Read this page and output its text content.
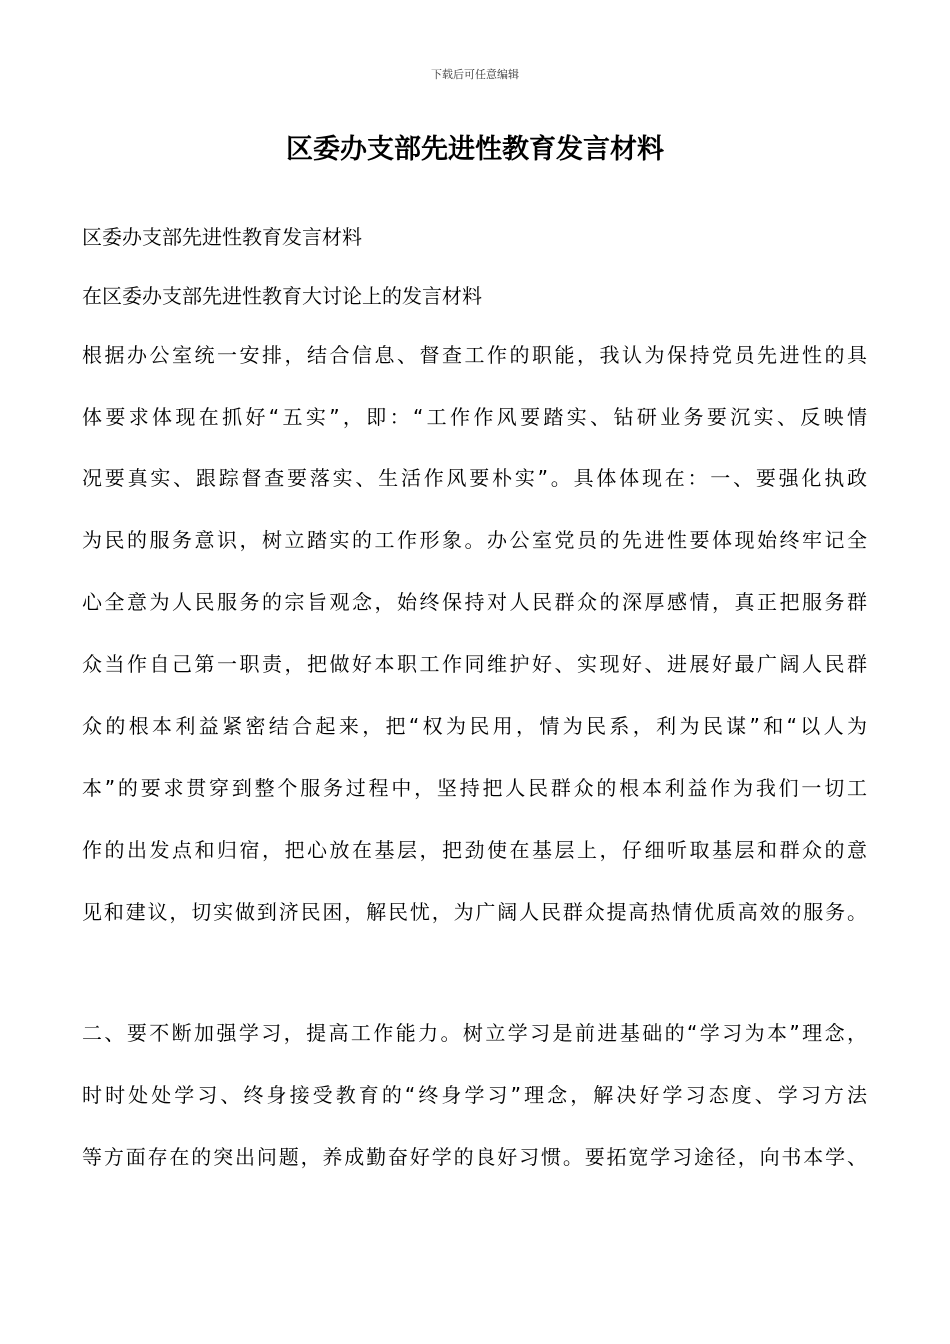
下载后可任意编辑
区委办支部先进性教育发言材料
区委办支部先进性教育发言材料
在区委办支部先进性教育大讨论上的发言材料
根据办公室统一安排，结合信息、督查工作的职能，我认为保持党员先进性的具
体要求体现在抓好“五实”，即：“工作作风要踏实、钻研业务要沉实、反映情
况要真实、跟踪督查要落实、生活作风要朴实”。具体体现在：一、要强化执政
为民的服务意识，树立踏实的工作形象。办公室党员的先进性要体现始终牢记全
心全意为人民服务的宗旨观念，始终保持对人民群众的深厚感情，真正把服务群
众当作自己第一职责，把做好本职工作同维护好、实现好、进展好最广阔人民群
众的根本利益紧密结合起来，把“权为民用，情为民系，利为民谋”和“以人为
本”的要求贯穿到整个服务过程中，坚持把人民群众的根本利益作为我们一切工
作的出发点和归宿，把心放在基层，把劲使在基层上，仔细听取基层和群众的意
见和建议，切实做到济民困，解民忧，为广阔人民群众提高热情优质高效的服务。
二、要不断加强学习，提高工作能力。树立学习是前进基础的“学习为本”理念，
时时处处学习、终身接受教育的“终身学习”理念，解决好学习态度、学习方法
等方面存在的突出问题，养成勤奋好学的良好习惯。要拓宽学习途径，向书本学、
